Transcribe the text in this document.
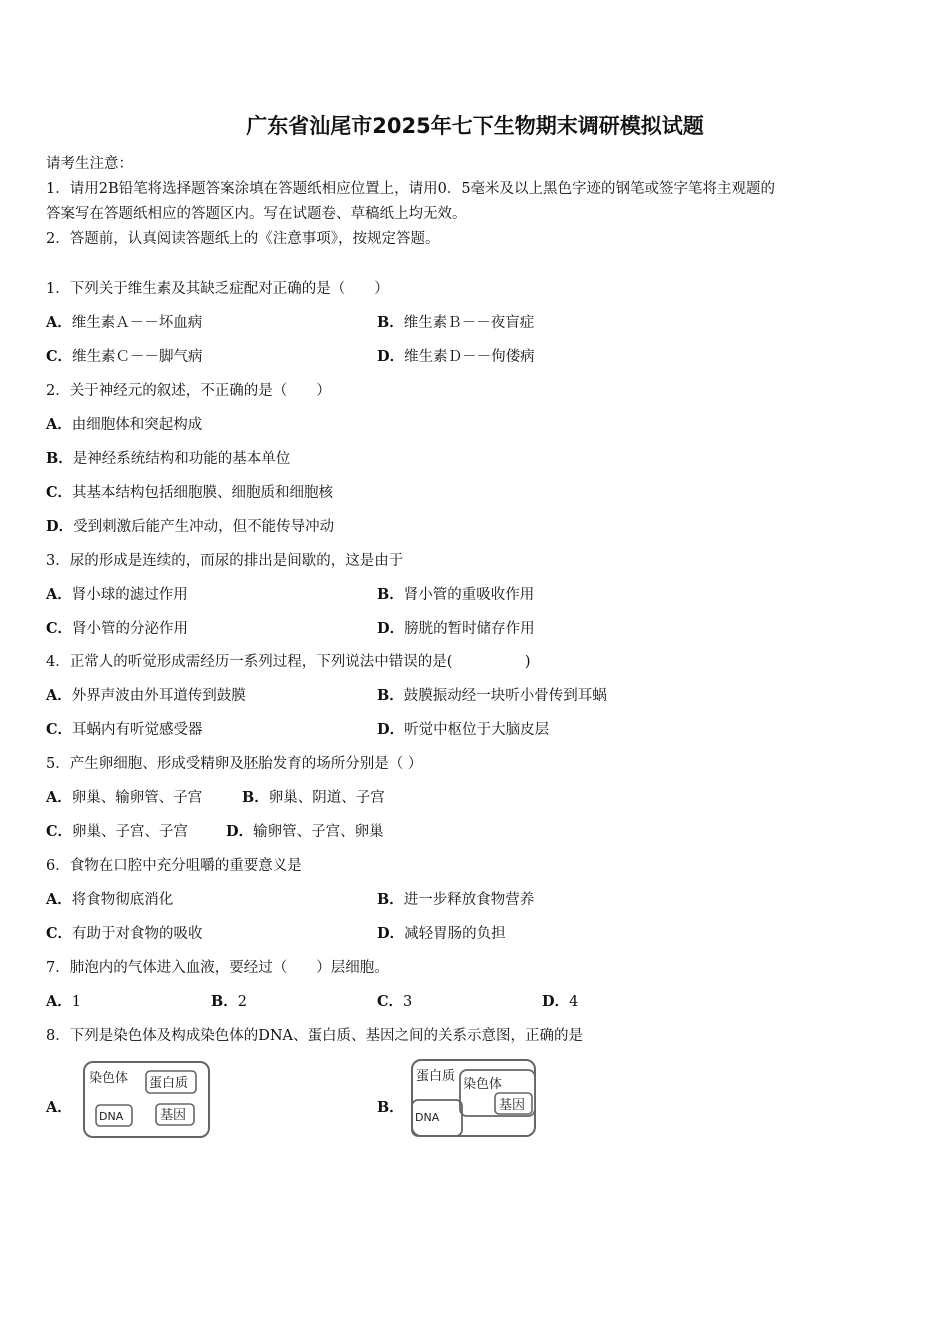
广东省汕尾市2025年七下生物期末调研模拟试题
请考生注意：
1．请用2B铅笔将选择题答案涂填在答题纸相应位置上，请用0．5毫米及以上黑色字迹的钢笔或签字笔将主观题的
答案写在答题纸相应的答题区内。写在试题卷、草稿纸上均无效。
2．答题前，认真阅读答题纸上的《注意事项》，按规定答题。
1．下列关于维生素及其缺乏症配对正确的是（　　）
A．维生素Ａ－－坏血病	B．维生素Ｂ－－夜盲症
C．维生素Ｃ－－脚气病	D．维生素Ｄ－－佝偻病
2．关于神经元的叙述，不正确的是（　　）
A．由细胞体和突起构成
B．是神经系统结构和功能的基本单位
C．其基本结构包括细胞膜、细胞质和细胞核
D．受到刺激后能产生冲动，但不能传导冲动
3．尿的形成是连续的，而尿的排出是间歇的，这是由于
A．肾小球的滤过作用	B．肾小管的重吸收作用
C．肾小管的分泌作用	D．膀胱的暂时储存作用
4．正常人的听觉形成需经历一系列过程，下列说法中错误的是(　　　　　)
A．外界声波由外耳道传到鼓膜	B．鼓膜振动经一块听小骨传到耳蜗
C．耳蜗内有听觉感受器	D．听觉中枢位于大脑皮层
5．产生卵细胞、形成受精卵及胚胎发育的场所分别是（ ）
A．卵巢、输卵管、子宫	B．卵巢、阴道、子宫
C．卵巢、子宫、子宫	D．输卵管、子宫、卵巢
6．食物在口腔中充分咀嚼的重要意义是
A．将食物彻底消化	B．进一步释放食物营养
C．有助于对食物的吸收	D．减轻胃肠的负担
7．肺泡内的气体进入血液，要经过（　　）层细胞。
A．1	B．2	C．3	D．4
8．下列是染色体及构成染色体的DNA、蛋白质、基因之间的关系示意图，正确的是
A．	B．
染色体 蛋白质
DNA	基因
蛋白质
染色体
基因
DNA
